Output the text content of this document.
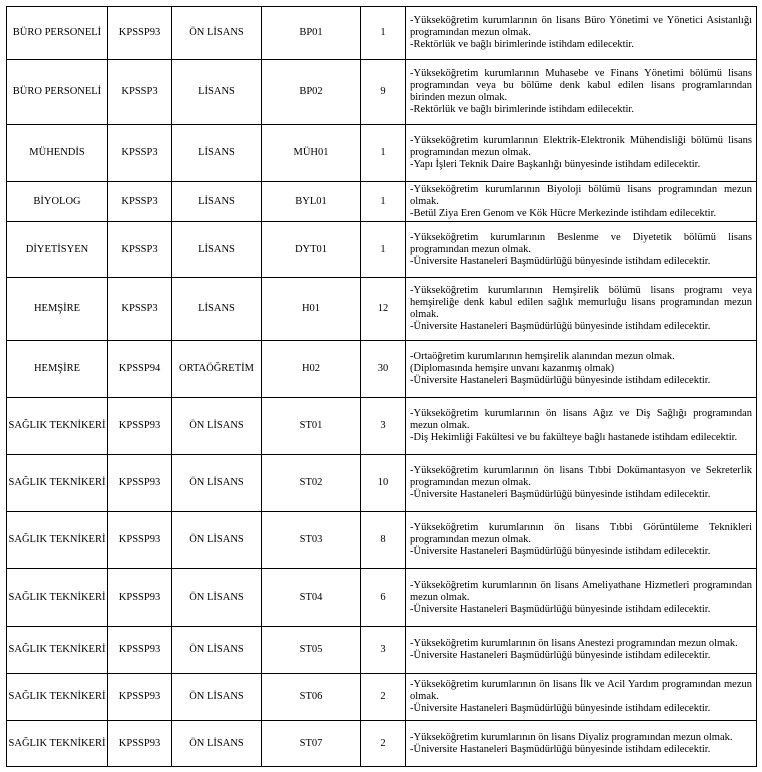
BÜRO PERSONELİ	KPSSP93	ÖN LİSANS	BP01	1	-Yükseköğretim kurumlarının ön lisans Büro Yönetimi ve Yönetici Asistanlığı programından mezun olmak.
-Rektörlük ve bağlı birimlerinde istihdam edilecektir.

BÜRO PERSONELİ	KPSSP3	LİSANS	BP02	9	-Yükseköğretim kurumlarının Muhasebe ve Finans Yönetimi bölümü lisans programından veya bu bölüme denk kabul edilen lisans programlarından birinden mezun olmak.
-Rektörlük ve bağlı birimlerinde istihdam edilecektir.

MÜHENDİS	KPSSP3	LİSANS	MÜH01	1	-Yükseköğretim kurumlarının Elektrik-Elektronik Mühendisliği bölümü lisans programından mezun olmak.
-Yapı İşleri Teknik Daire Başkanlığı bünyesinde istihdam edilecektir.

BİYOLOG	KPSSP3	LİSANS	BYL01	1	-Yükseköğretim kurumlarının Biyoloji bölümü lisans programından mezun olmak.
-Betül Ziya Eren Genom ve Kök Hücre Merkezinde istihdam edilecektir.

DİYETİSYEN	KPSSP3	LİSANS	DYT01	1	-Yükseköğretim kurumlarının Beslenme ve Diyetetik bölümü lisans programından mezun olmak.
-Üniversite Hastaneleri Başmüdürlüğü bünyesinde istihdam edilecektir.

HEMŞİRE	KPSSP3	LİSANS	H01	12	-Yükseköğretim kurumlarının Hemşirelik bölümü lisans programı veya hemşireliğe denk kabul edilen sağlık memurluğu lisans programından mezun olmak.
-Üniversite Hastaneleri Başmüdürlüğü bünyesinde istihdam edilecektir.

HEMŞİRE	KPSSP94	ORTAÖĞRETİM	H02	30	-Ortaöğretim kurumlarının hemşirelik alanından mezun olmak.
(Diplomasında hemşire unvanı kazanmış olmak)
-Üniversite Hastaneleri Başmüdürlüğü bünyesinde istihdam edilecektir.

SAĞLIK TEKNİKERİ	KPSSP93	ÖN LİSANS	ST01	3	-Yükseköğretim kurumlarının ön lisans Ağız ve Diş Sağlığı programından mezun olmak.
-Diş Hekimliği Fakültesi ve bu fakülteye bağlı hastanede istihdam edilecektir.

SAĞLIK TEKNİKERİ	KPSSP93	ÖN LİSANS	ST02	10	-Yükseköğretim kurumlarının ön lisans Tıbbi Dokümantasyon ve Sekreterlik programından mezun olmak.
-Üniversite Hastaneleri Başmüdürlüğü bünyesinde istihdam edilecektir.

SAĞLIK TEKNİKERİ	KPSSP93	ÖN LİSANS	ST03	8	-Yükseköğretim kurumlarının ön lisans Tıbbi Görüntüleme Teknikleri programından mezun olmak.
-Üniversite Hastaneleri Başmüdürlüğü bünyesinde istihdam edilecektir.

SAĞLIK TEKNİKERİ	KPSSP93	ÖN LİSANS	ST04	6	-Yükseköğretim kurumlarının ön lisans Ameliyathane Hizmetleri programından mezun olmak.
-Üniversite Hastaneleri Başmüdürlüğü bünyesinde istihdam edilecektir.

SAĞLIK TEKNİKERİ	KPSSP93	ÖN LİSANS	ST05	3	-Yükseköğretim kurumlarının ön lisans Anestezi programından mezun olmak.
-Üniversite Hastaneleri Başmüdürlüğü bünyesinde istihdam edilecektir.

SAĞLIK TEKNİKERİ	KPSSP93	ÖN LİSANS	ST06	2	-Yükseköğretim kurumlarının ön lisans İlk ve Acil Yardım programından mezun olmak.
-Üniversite Hastaneleri Başmüdürlüğü bünyesinde istihdam edilecektir.

SAĞLIK TEKNİKERİ	KPSSP93	ÖN LİSANS	ST07	2	-Yükseköğretim kurumlarının ön lisans Diyaliz programından mezun olmak.
-Üniversite Hastaneleri Başmüdürlüğü bünyesinde istihdam edilecektir.
